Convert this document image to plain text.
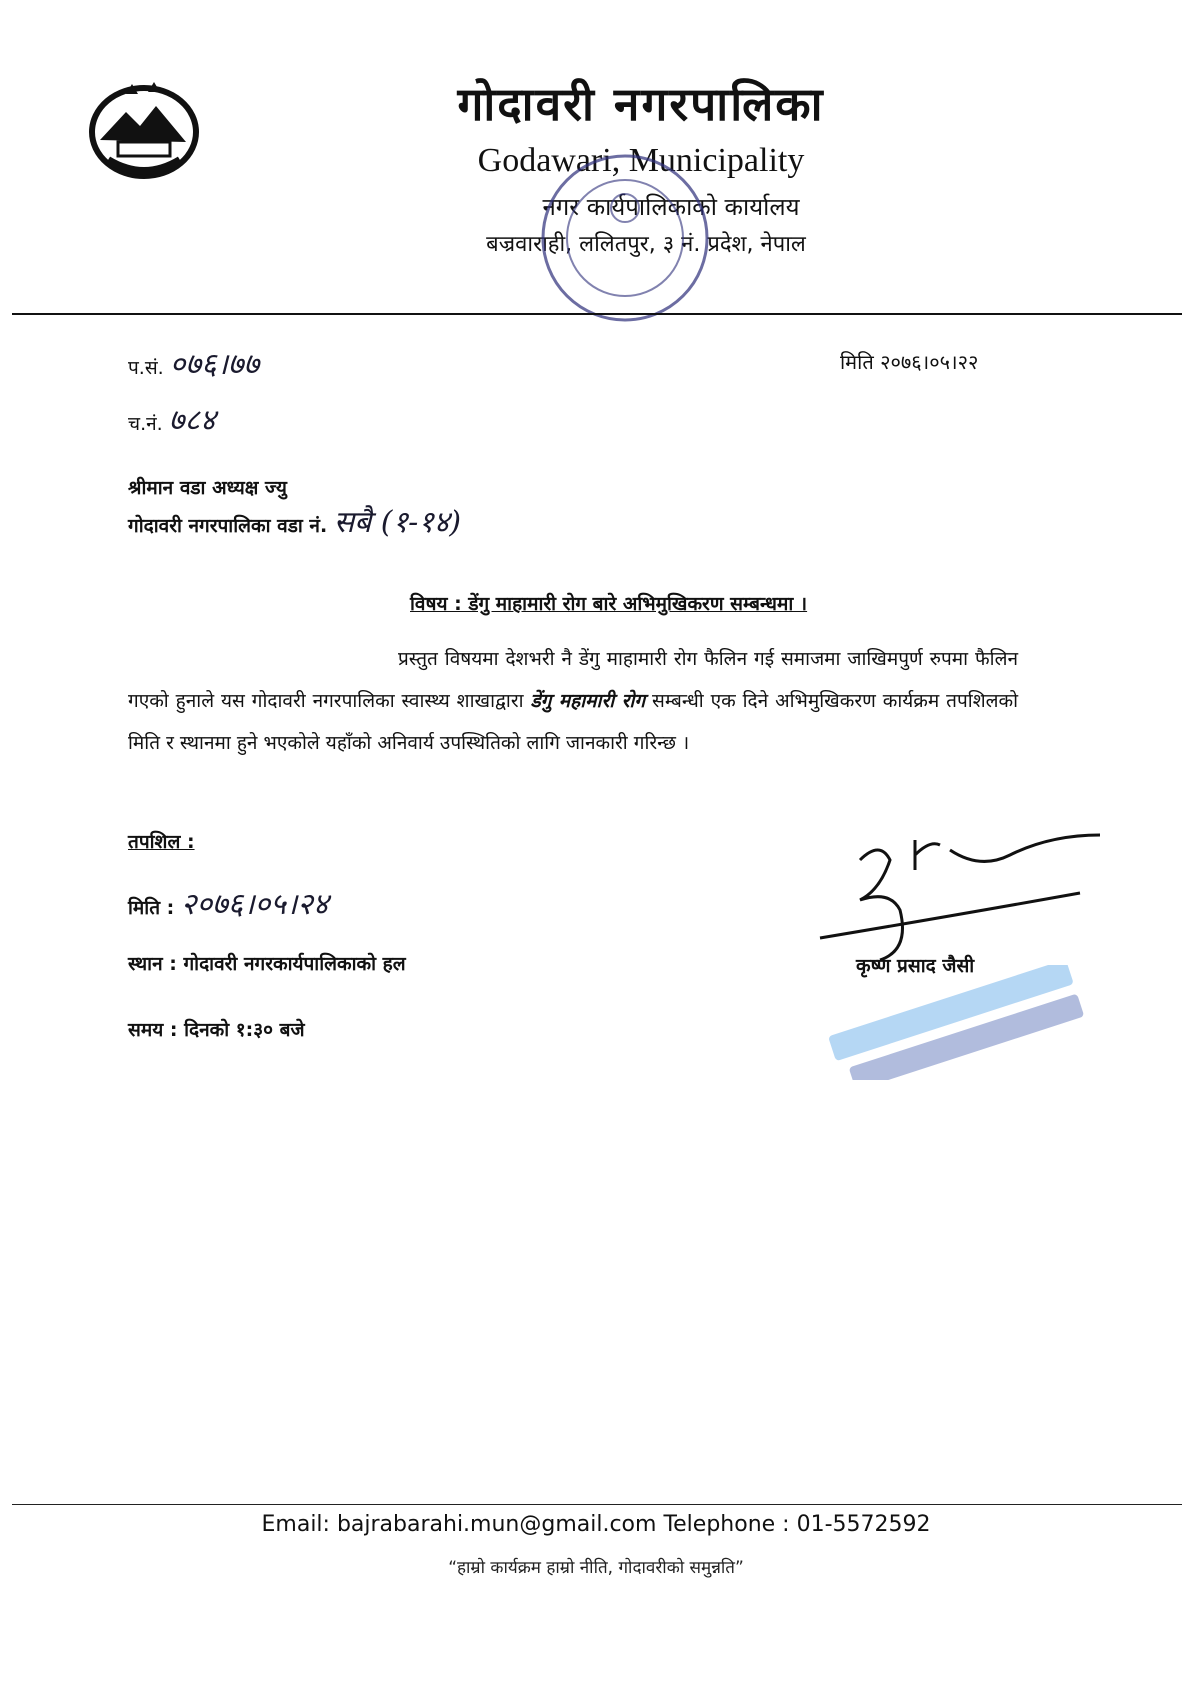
गोदावरी नगरपालिका
Godawari, Municipality
नगर कार्यपालिकाको कार्यालय
बज्रवाराही, ललितपुर, ३ नं. प्रदेश, नेपाल
प.सं. ०७६।७७
च.नं. ७८४
मिति २०७६।०५।२२
श्रीमान वडा अध्यक्ष ज्यु
गोदावरी नगरपालिका वडा नं. सबै (१-१४)
विषय : डेंगु माहामारी रोग बारे अभिमुखिकरण सम्बन्धमा ।
प्रस्तुत विषयमा देशभरी नै डेंगु माहामारी रोग फैलिन गई समाजमा जाखिमपुर्ण रुपमा फैलिन गएको हुनाले यस गोदावरी नगरपालिका स्वास्थ्य शाखाद्वारा डेंगु महामारी रोग सम्बन्धी एक दिने अभिमुखिकरण कार्यक्रम तपशिलको मिति र स्थानमा हुने भएकोले यहाँको अनिवार्य उपस्थितिको लागि जानकारी गरिन्छ ।
तपशिल :
मिति : २०७६।०५।२४
स्थान : गोदावरी नगरकार्यपालिकाको हल
समय : दिनको १:३० बजे
कृष्ण प्रसाद जैसी
Email: bajrabarahi.mun@gmail.com Telephone : 01-5572592
“हाम्रो कार्यक्रम हाम्रो नीति, गोदावरीको समुन्नति”
